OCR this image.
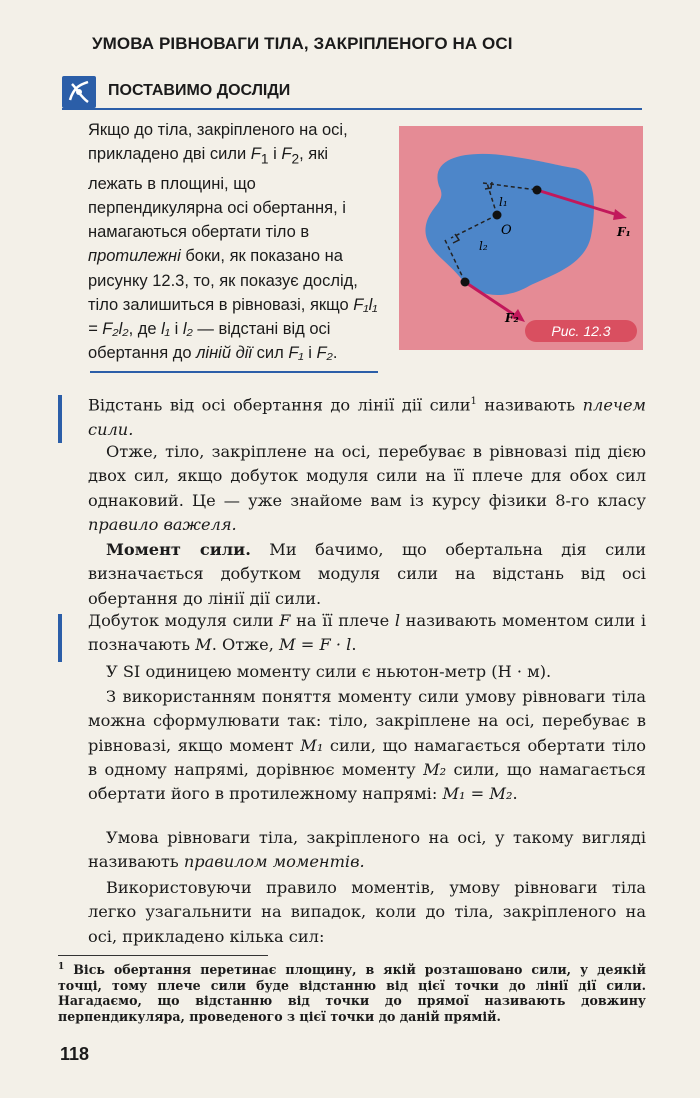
УМОВА РІВНОВАГИ ТІЛА, ЗАКРІПЛЕНОГО НА ОСІ
ПОСТАВИМО ДОСЛІДИ
Якщо до тіла, закріпленого на осі, прикладено дві сили $F_1$ і $F_2$, які лежать в площині, що перпендикулярна осі обертання, і намагаються обертати тіло в протилежні боки, як показано на рисунку 12.3, то, як показує дослід, тіло залишиться в рівновазі, якщо F₁l₁ = F₂l₂, де l₁ і l₂ — відстані від осі обертання до ліній дії сил F₁ і F₂.
l₁
l₂
O	F₁
F₂
Рис. 12.3
Відстань від осі обертання до лінії дії сили$^1$ називають плечем сили.
Отже, тіло, закріплене на осі, перебуває в рівновазі під дією двох сил, якщо добуток модуля сили на її плече для обох сил однаковий. Це — уже знайоме вам із курсу фізики 8-го класу правило важеля.
Момент сили. Ми бачимо, що обертальна дія сили визначається добутком модуля сили на відстань від осі обертання до лінії дії сили.
Добуток модуля сили F на її плече l називають моментом сили і позначають M. Отже, M = F · l.
У SI одиницею моменту сили є ньютон-метр (Н · м).
З використанням поняття моменту сили умову рівноваги тіла можна сформулювати так: тіло, закріплене на осі, перебуває в рівновазі, якщо момент M₁ сили, що намагається обертати тіло в одному напрямі, дорівнює моменту M₂ сили, що намагається обертати його в протилежному напрямі: M₁ = M₂.
Умова рівноваги тіла, закріпленого на осі, у такому вигляді називають правилом моментів.
Використовуючи правило моментів, умову рівноваги тіла легко узагальнити на випадок, коли до тіла, закріпленого на осі, прикладено кілька сил:
$^1$ Вісь обертання перетинає площину, в якій розташовано сили, у деякій точці, тому плече сили буде відстанню від цієї точки до лінії дії сили. Нагадаємо, що відстанню від точки до прямої називають довжину перпендикуляра, проведеного з цієї точки до даній прямій.
118
